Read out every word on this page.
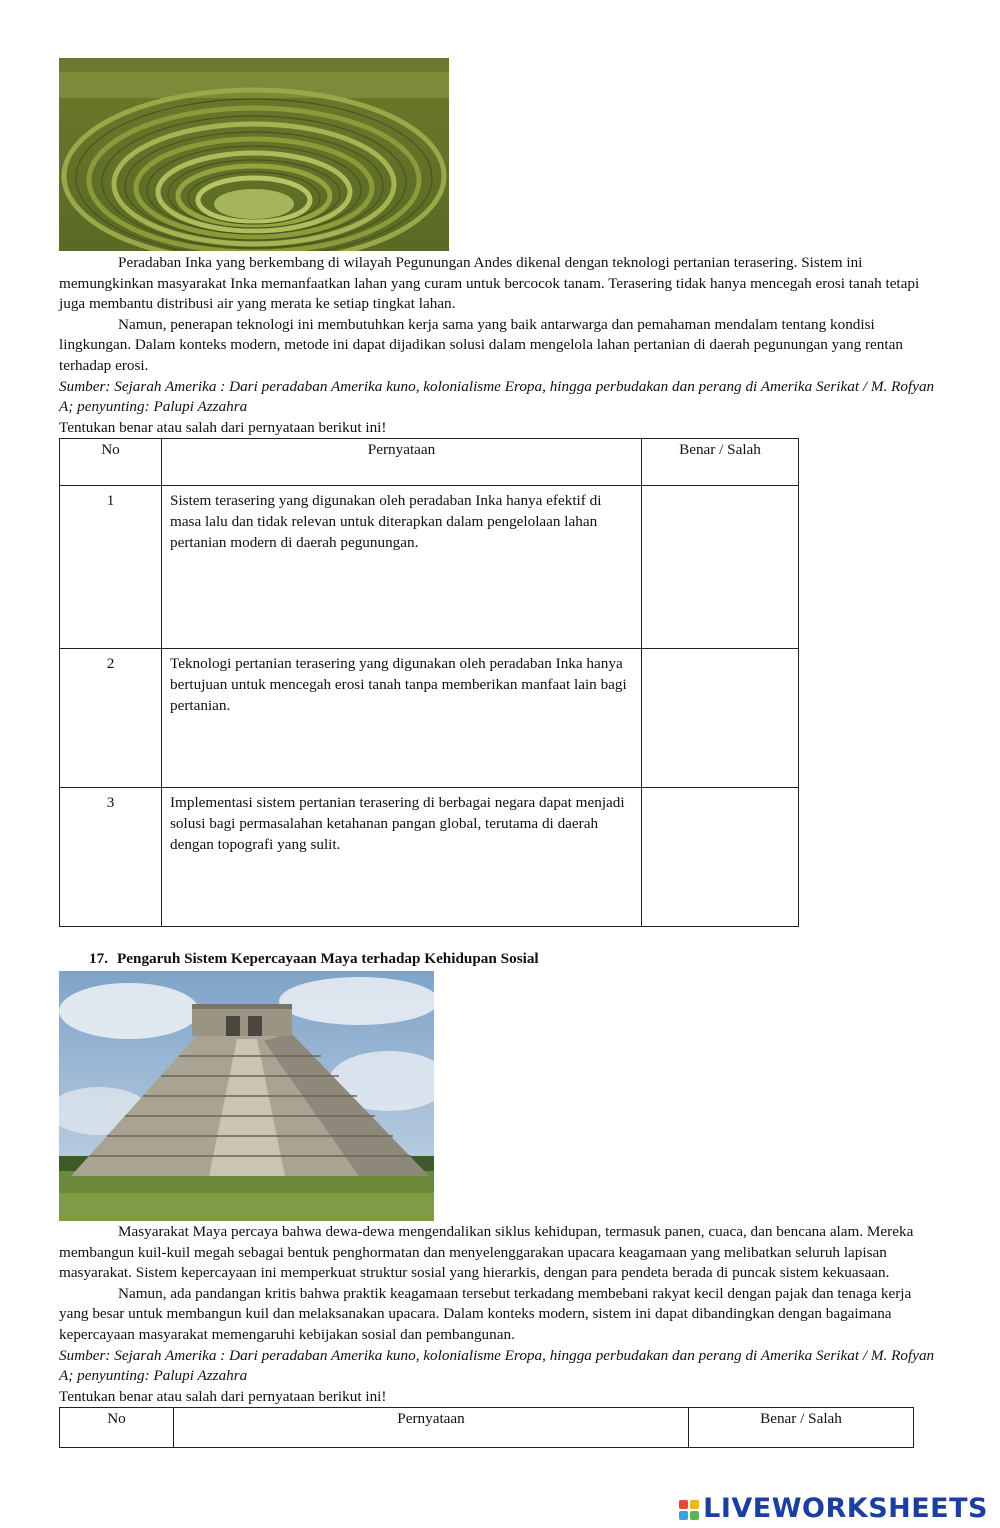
Peradaban Inka yang berkembang di wilayah Pegunungan Andes dikenal dengan teknologi pertanian terasering. Sistem ini memungkinkan masyarakat Inka memanfaatkan lahan yang curam untuk bercocok tanam. Terasering tidak hanya mencegah erosi tanah tetapi juga membantu distribusi air yang merata ke setiap tingkat lahan.

Namun, penerapan teknologi ini membutuhkan kerja sama yang baik antarwarga dan pemahaman mendalam tentang kondisi lingkungan. Dalam konteks modern, metode ini dapat dijadikan solusi dalam mengelola lahan pertanian di daerah pegunungan yang rentan terhadap erosi.

Sumber: Sejarah Amerika : Dari peradaban Amerika kuno, kolonialisme Eropa, hingga perbudakan dan perang di Amerika Serikat / M. Rofyan A; penyunting: Palupi Azzahra

Tentukan benar atau salah dari pernyataan berikut ini!

No	Pernyataan	Benar / Salah
1	Sistem terasering yang digunakan oleh peradaban Inka hanya efektif di masa lalu dan tidak relevan untuk diterapkan dalam pengelolaan lahan pertanian modern di daerah pegunungan.	

2	Teknologi pertanian terasering yang digunakan oleh peradaban Inka hanya bertujuan untuk mencegah erosi tanah tanpa memberikan manfaat lain bagi pertanian.	

3	Implementasi sistem pertanian terasering di berbagai negara dapat menjadi solusi bagi permasalahan ketahanan pangan global, terutama di daerah dengan topografi yang sulit.	

17. Pengaruh Sistem Kepercayaan Maya terhadap Kehidupan Sosial

Masyarakat Maya percaya bahwa dewa-dewa mengendalikan siklus kehidupan, termasuk panen, cuaca, dan bencana alam. Mereka membangun kuil-kuil megah sebagai bentuk penghormatan dan menyelenggarakan upacara keagamaan yang melibatkan seluruh lapisan masyarakat. Sistem kepercayaan ini memperkuat struktur sosial yang hierarkis, dengan para pendeta berada di puncak sistem kekuasaan.

Namun, ada pandangan kritis bahwa praktik keagamaan tersebut terkadang membebani rakyat kecil dengan pajak dan tenaga kerja yang besar untuk membangun kuil dan melaksanakan upacara. Dalam konteks modern, sistem ini dapat dibandingkan dengan bagaimana kepercayaan masyarakat memengaruhi kebijakan sosial dan pembangunan.

Sumber: Sejarah Amerika : Dari peradaban Amerika kuno, kolonialisme Eropa, hingga perbudakan dan perang di Amerika Serikat / M. Rofyan A; penyunting: Palupi Azzahra

Tentukan benar atau salah dari pernyataan berikut ini!

No	Pernyataan	Benar / Salah
LIVEWORKSHEETS
